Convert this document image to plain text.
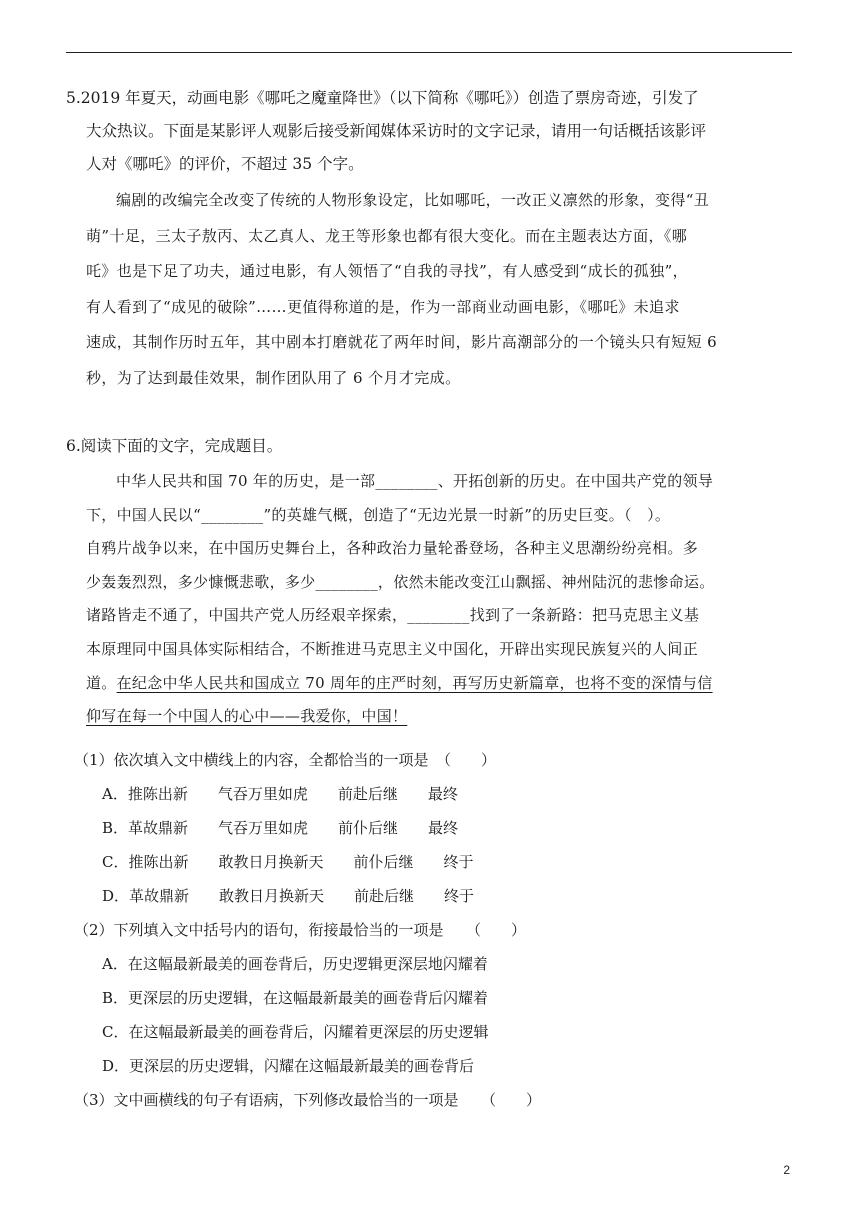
5.2019 年夏天，动画电影《哪吒之魔童降世》（以下简称《哪吒》）创造了票房奇迹，引发了
大众热议。下面是某影评人观影后接受新闻媒体采访时的文字记录，请用一句话概括该影评
人对《哪吒》的评价，不超过 35 个字。
编剧的改编完全改变了传统的人物形象设定，比如哪吒，一改正义凛然的形象，变得“丑
萌”十足，三太子敖丙、太乙真人、龙王等形象也都有很大变化。而在主题表达方面，《哪
吒》也是下足了功夫，通过电影，有人领悟了“自我的寻找”，有人感受到“成长的孤独”，
有人看到了“成见的破除”……更值得称道的是，作为一部商业动画电影，《哪吒》未追求
速成，其制作历时五年，其中剧本打磨就花了两年时间，影片高潮部分的一个镜头只有短短 6
秒，为了达到最佳效果，制作团队用了 6 个月才完成。
6.阅读下面的文字，完成题目。
中华人民共和国 70 年的历史，是一部________、开拓创新的历史。在中国共产党的领导
下，中国人民以“________”的英雄气概，创造了“无边光景一时新”的历史巨变。（　）。
自鸦片战争以来，在中国历史舞台上，各种政治力量轮番登场，各种主义思潮纷纷亮相。多
少轰轰烈烈，多少慷慨悲歌，多少________，依然未能改变江山飘摇、神州陆沉的悲惨命运。
诸路皆走不通了，中国共产党人历经艰辛探索，________找到了一条新路：把马克思主义基
本原理同中国具体实际相结合，不断推进马克思主义中国化，开辟出实现民族复兴的人间正
道。在纪念中华人民共和国成立 70 周年的庄严时刻，再写历史新篇章，也将不变的深情与信
仰写在每一个中国人的心中——我爱你，中国！
（1）依次填入文中横线上的内容，全都恰当的一项是　（　　）
A．推陈出新　　气吞万里如虎　　前赴后继　　最终
B．革故鼎新　　气吞万里如虎　　前仆后继　　最终
C．推陈出新　　敢教日月换新天　　前仆后继　　终于
D．革故鼎新　　敢教日月换新天　　前赴后继　　终于
（2）下列填入文中括号内的语句，衔接最恰当的一项是　　（　　）
A．在这幅最新最美的画卷背后，历史逻辑更深层地闪耀着
B．更深层的历史逻辑，在这幅最新最美的画卷背后闪耀着
C．在这幅最新最美的画卷背后，闪耀着更深层的历史逻辑
D．更深层的历史逻辑，闪耀在这幅最新最美的画卷背后
（3）文中画横线的句子有语病，下列修改最恰当的一项是　　（　　）
2
